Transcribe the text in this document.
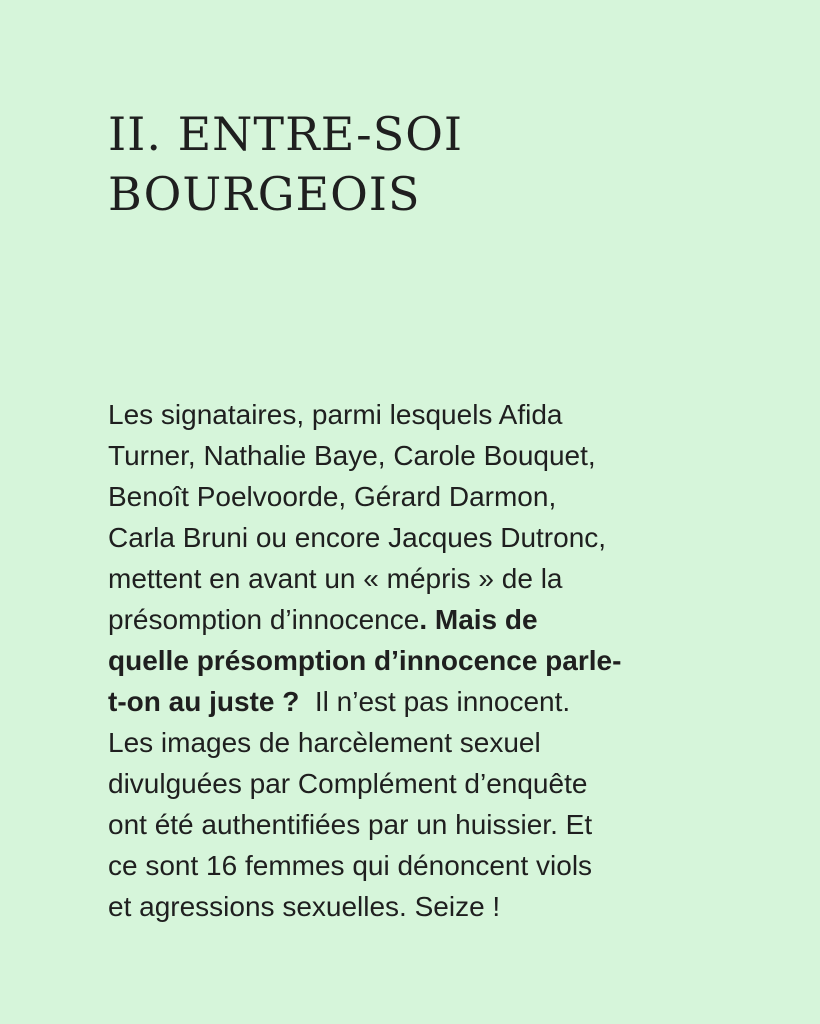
II. ENTRE-SOI
BOURGEOIS

Les signataires, parmi lesquels Afida
Turner, Nathalie Baye, Carole Bouquet,
Benoît Poelvoorde, Gérard Darmon,
Carla Bruni ou encore Jacques Dutronc,
mettent en avant un « mépris » de la
présomption d’innocence. Mais de
quelle présomption d’innocence parle-
t-on au juste ?  Il n’est pas innocent.
Les images de harcèlement sexuel
divulguées par Complément d’enquête
ont été authentifiées par un huissier. Et
ce sont 16 femmes qui dénoncent viols
et agressions sexuelles. Seize !
